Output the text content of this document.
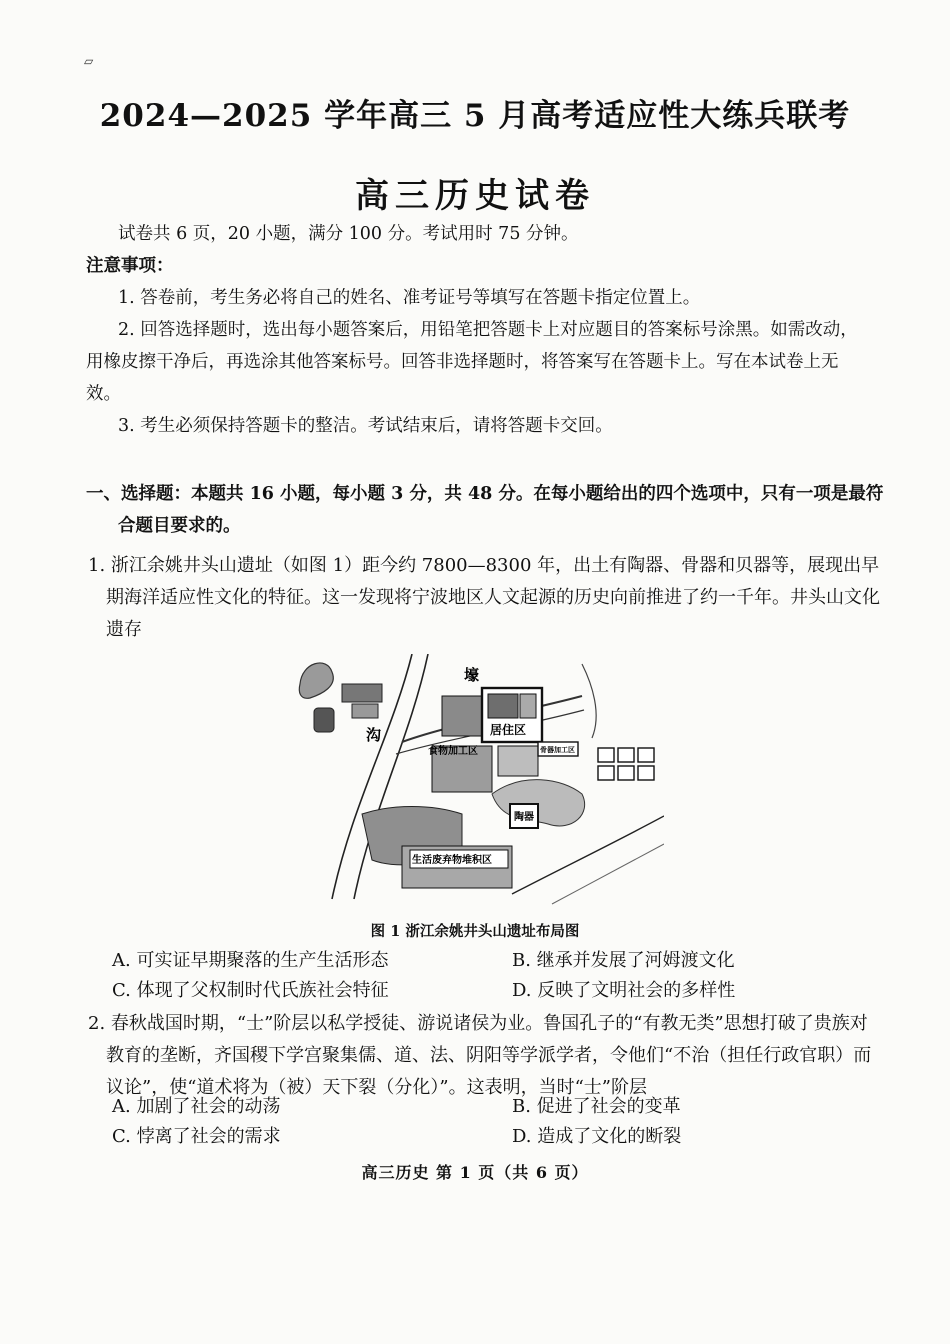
▱
2024—2025 学年高三 5 月高考适应性大练兵联考
高三历史试卷
试卷共 6 页，20 小题，满分 100 分。考试用时 75 分钟。
注意事项：
1. 答卷前，考生务必将自己的姓名、准考证号等填写在答题卡指定位置上。
2. 回答选择题时，选出每小题答案后，用铅笔把答题卡上对应题目的答案标号涂黑。如需改动，用橡皮擦干净后，再选涂其他答案标号。回答非选择题时，将答案写在答题卡上。写在本试卷上无效。
3. 考生必须保持答题卡的整洁。考试结束后，请将答题卡交回。
一、选择题：本题共 16 小题，每小题 3 分，共 48 分。在每小题给出的四个选项中，只有一项是最符合题目要求的。
1. 浙江余姚井头山遗址（如图 1）距今约 7800—8300 年，出土有陶器、骨器和贝器等，展现出早期海洋适应性文化的特征。这一发现将宁波地区人文起源的历史向前推进了约一千年。井头山文化遗存
壕
沟	居住区
食物加工区	骨器加工区
陶器
生活废弃物堆积区
图 1 浙江余姚井头山遗址布局图
A. 可实证早期聚落的生产生活形态	B. 继承并发展了河姆渡文化
C. 体现了父权制时代氏族社会特征	D. 反映了文明社会的多样性
2. 春秋战国时期，“士”阶层以私学授徒、游说诸侯为业。鲁国孔子的“有教无类”思想打破了贵族对教育的垄断，齐国稷下学宫聚集儒、道、法、阴阳等学派学者，令他们“不治（担任行政官职）而议论”，使“道术将为（被）天下裂（分化）”。这表明，当时“士”阶层
A. 加剧了社会的动荡	B. 促进了社会的变革
C. 悖离了社会的需求	D. 造成了文化的断裂
高三历史 第 1 页（共 6 页）
